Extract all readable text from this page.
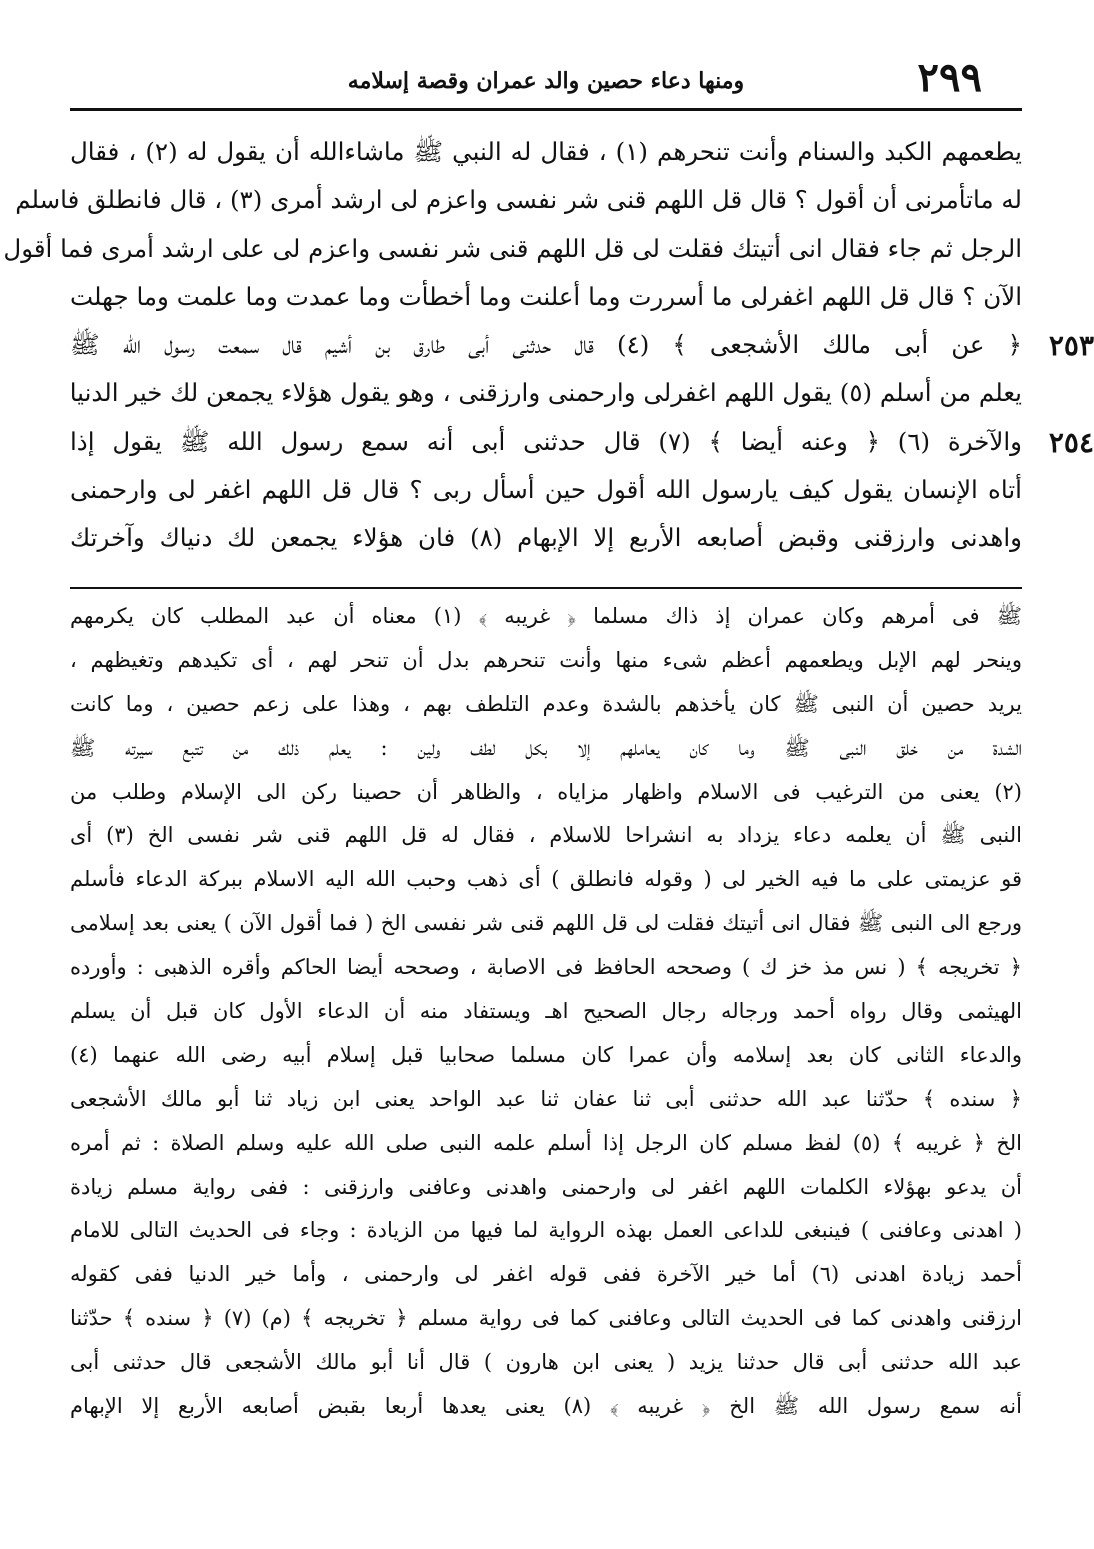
٢٩٩
ومنها دعاء حصين والد عمران وقصة إسلامه
يطعمهم الكبد والسنام وأنت تنحرهم (١) ، فقال له النبي ﷺ ماشاءالله أن يقول له (٢) ، فقال
له ماتأمرنى أن أقول ؟ قال قل اللهم قنى شر نفسى واعزم لى ارشد أمرى (٣) ، قال فانطلق فاسلم
الرجل ثم جاء فقال انى أتيتك فقلت لى قل اللهم قنى شر نفسى واعزم لى على ارشد أمرى فما أقول
الآن ؟ قال قل اللهم اغفرلى ما أسررت وما أعلنت وما أخطأت وما عمدت وما علمت وما جهلت
﴿ عن أبى مالك الأشجعى ﴾ (٤) قال حدثنى أبى طارق بن أشيم قال سمعت رسول الله ﷺ
يعلم من أسلم (٥) يقول اللهم اغفرلى وارحمنى وارزقنى ، وهو يقول هؤلاء يجمعن لك خير الدنيا
والآخرة (٦) ﴿ وعنه أيضا ﴾ (٧) قال حدثنى أبى أنه سمع رسول الله ﷺ يقول إذا
أتاه الإنسان يقول كيف يارسول الله أقول حين أسأل ربى ؟ قال قل اللهم اغفر لى وارحمنى
واهدنى وارزقنى وقبض أصابعه الأربع إلا الإبهام (٨) فان هؤلاء يجمعن لك دنياك وآخرتك
ﷺ فى أمرهم وكان عمران إذ ذاك مسلما ﴿ غريبه ﴾ (١) معناه أن عبد المطلب كان يكرمهم
وينحر لهم الإبل ويطعمهم أعظم شىء منها وأنت تنحرهم بدل أن تنحر لهم ، أى تكيدهم وتغيظهم ،
يريد حصين أن النبى ﷺ كان يأخذهم بالشدة وعدم التلطف بهم ، وهذا على زعم حصين ، وما كانت
الشدة من خلق النبى ﷺ وما كان يعاملهم إلا بكل لطف ولين : يعلم ذلك من تتبع سيرته ﷺ
(٢) يعنى من الترغيب فى الاسلام واظهار مزاياه ، والظاهر أن حصينا ركن الى الإسلام وطلب من
النبى ﷺ أن يعلمه دعاء يزداد به انشراحا للاسلام ، فقال له قل اللهم قنى شر نفسى الخ (٣) أى
قو عزيمتى على ما فيه الخير لى ( وقوله فانطلق ) أى ذهب وحبب الله اليه الاسلام ببركة الدعاء فأسلم
ورجع الى النبى ﷺ فقال انى أتيتك فقلت لى قل اللهم قنى شر نفسى الخ ( فما أقول الآن ) يعنى بعد إسلامى
﴿ تخريجه ﴾ ( نس مذ خز ك ) وصححه الحافظ فى الاصابة ، وصححه أيضا الحاكم وأقره الذهبى : وأورده
الهيثمى وقال رواه أحمد ورجاله رجال الصحيح اهـ ويستفاد منه أن الدعاء الأول كان قبل أن يسلم
والدعاء الثانى كان بعد إسلامه وأن عمرا كان مسلما صحابيا قبل إسلام أبيه رضى الله عنهما (٤)
﴿ سنده ﴾ حدّثنا عبد الله حدثنى أبى ثنا عفان ثنا عبد الواحد يعنى ابن زياد ثنا أبو مالك الأشجعى
الخ ﴿ غريبه ﴾ (٥) لفظ مسلم كان الرجل إذا أسلم علمه النبى صلى الله عليه وسلم الصلاة : ثم أمره
أن يدعو بهؤلاء الكلمات اللهم اغفر لى وارحمنى واهدنى وعافنى وارزقنى : ففى رواية مسلم زيادة
( اهدنى وعافنى ) فينبغى للداعى العمل بهذه الرواية لما فيها من الزيادة : وجاء فى الحديث التالى للامام
أحمد زيادة اهدنى (٦) أما خير الآخرة ففى قوله اغفر لى وارحمنى ، وأما خير الدنيا ففى كقوله
ارزقنى واهدنى كما فى الحديث التالى وعافنى كما فى رواية مسلم ﴿ تخريجه ﴾ (م) (٧) ﴿ سنده ﴾ حدّثنا
عبد الله حدثنى أبى قال حدثنا يزيد ( يعنى ابن هارون ) قال أنا أبو مالك الأشجعى قال حدثنى أبى
أنه سمع رسول الله ﷺ الخ ﴿ غريبه ﴾ (٨) يعنى يعدها أربعا بقبض أصابعه الأربع إلا الإبهام
٢٥٣
٢٥٤
